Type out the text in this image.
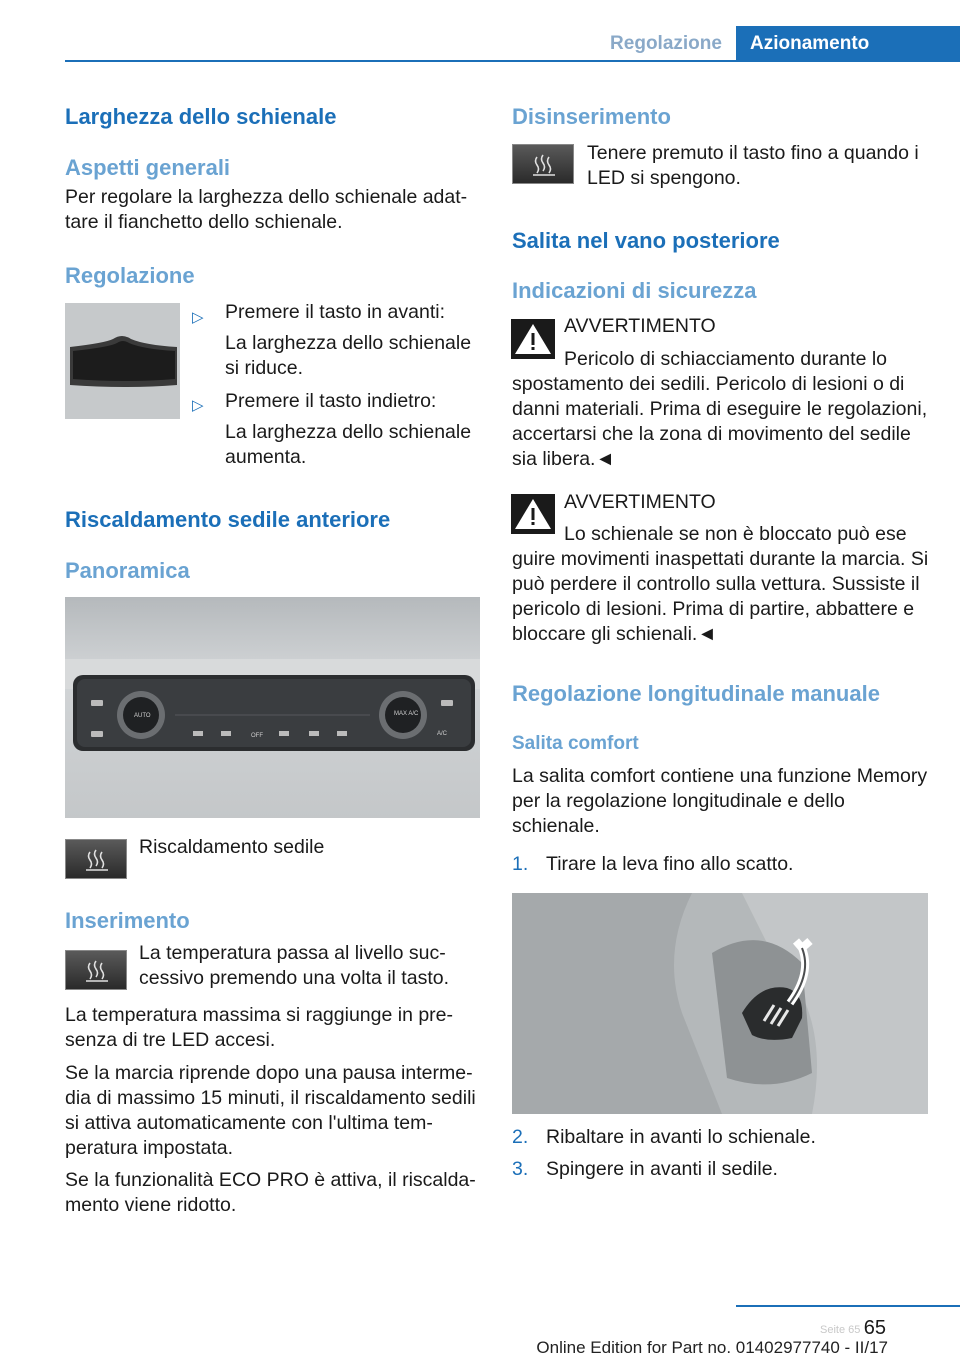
Regolazione	Azionamento
Larghezza dello schienale
Aspetti generali

Per regolare la larghezza dello schienale adattare il fianchetto dello schienale.

Regolazione
▷ Premere il tasto in avanti:

La larghezza dello schienale si riduce.

▷ Premere il tasto indietro:

La larghezza dello schienale aumenta.

Riscaldamento sedile anteriore
Panoramica
AUTO	MAX A/C
A/C
OFF

Riscaldamento sedile

Inserimento

La temperatura passa al livello successivo premendo una volta il tasto.

La temperatura massima si raggiunge in presenza di tre LED accesi.

Se la marcia riprende dopo una pausa intermedia di massimo 15 minuti, il riscaldamento sedili si attiva automaticamente con l'ultima temperatura impostata.

Se la funzionalità ECO PRO è attiva, il riscaldamento viene ridotto.

Disinserimento

Tenere premuto il tasto fino a quando i LED si spengono.

Salita nel vano posteriore
Indicazioni di sicurezza

AVVERTIMENTO

Pericolo di schiacciamento durante lo

spostamento dei sedili. Pericolo di lesioni o di danni materiali. Prima di eseguire le regolazioni, accertarsi che la zona di movimento del sedile sia libera.◄

AVVERTIMENTO

Lo schienale se non è bloccato può ese

guire movimenti inaspettati durante la marcia. Si può perdere il controllo sulla vettura. Sussiste il pericolo di lesioni. Prima di partire, abbattere e bloccare gli schienali.◄

Regolazione longitudinale manuale
Salita comfort

La salita comfort contiene una funzione Memory per la regolazione longitudinale e dello schienale.

1. Tirare la leva fino allo scatto.

2. Ribaltare in avanti lo schienale.

3. Spingere in avanti il sedile.

65
Online Edition for Part no. 01402977740 - II/17
Seite 65
